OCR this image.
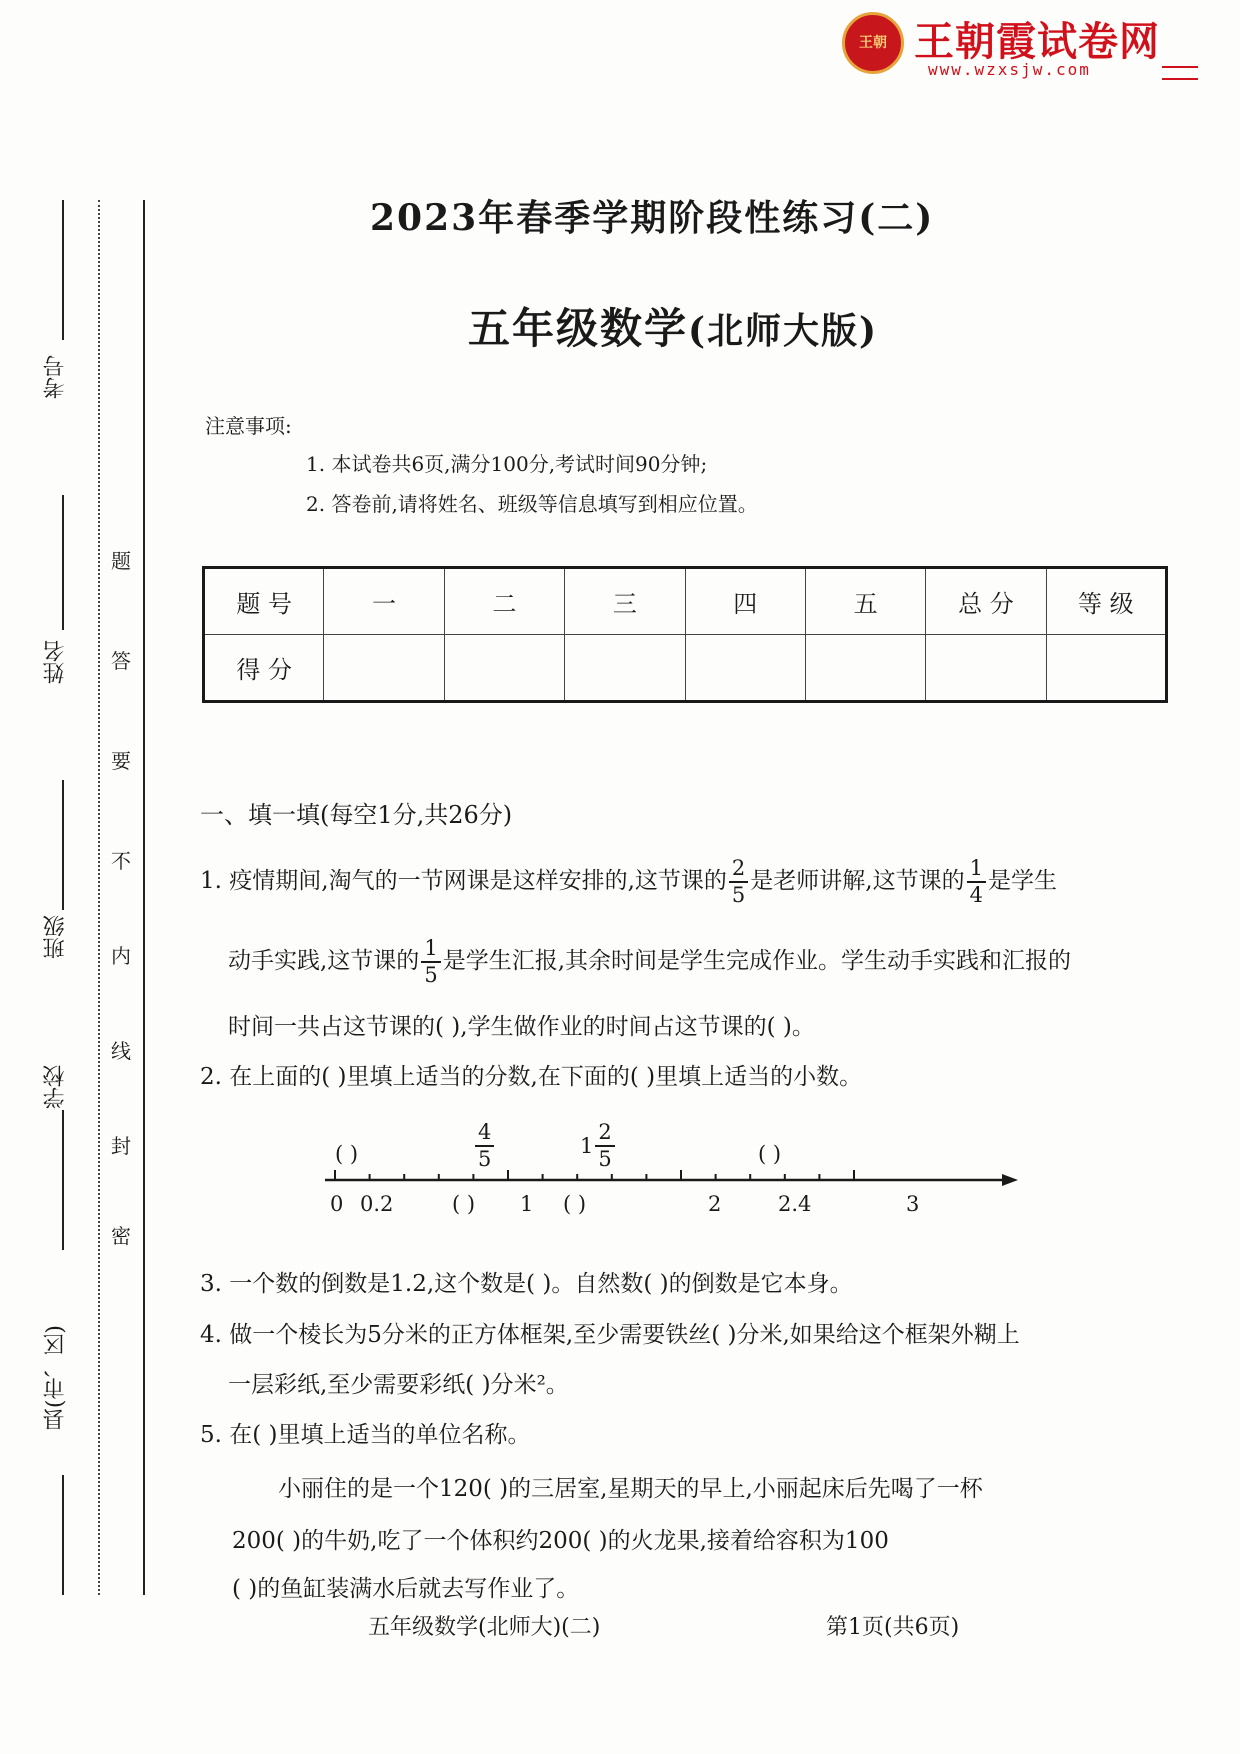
王朝 王朝霞试卷网
www.wzxsjw.com
考号
姓名
班级
学校
县(市、区)
密
封
线
内
不
要
答
题
2023年春季学期阶段性练习(二)
五年级数学(北师大版)
注意事项:
1. 本试卷共6页,满分100分,考试时间90分钟;
2. 答卷前,请将姓名、班级等信息填写到相应位置。
题 号	一	二	三	四	五	总 分	等 级
得 分							
一、填一填(每空1分,共26分)
1. 疫情期间,淘气的一节网课是这样安排的,这节课的 $\frac{2}{5}$ 是老师讲解,这节课的 $\frac{1}{4}$ 是学生
动手实践,这节课的 $\frac{1}{5}$ 是学生汇报,其余时间是学生完成作业。学生动手实践和汇报的
时间一共占这节课的( ),学生做作业的时间占这节课的( )。
2. 在上面的( )里填上适当的分数,在下面的( )里填上适当的小数。
( )	$\frac{4}{5}$	$1 \frac{2}{5}$	( )
0 0.2	( ) 1 ( )	2	2.4	3
3. 一个数的倒数是1.2,这个数是( )。自然数( )的倒数是它本身。
4. 做一个棱长为5分米的正方体框架,至少需要铁丝( )分米,如果给这个框架外糊上
一层彩纸,至少需要彩纸( )分米²。
5. 在( )里填上适当的单位名称。
小丽住的是一个120( )的三居室,星期天的早上,小丽起床后先喝了一杯
200( )的牛奶,吃了一个体积约200( )的火龙果,接着给容积为100
( )的鱼缸装满水后就去写作业了。
五年级数学(北师大)(二)	第1页(共6页)
